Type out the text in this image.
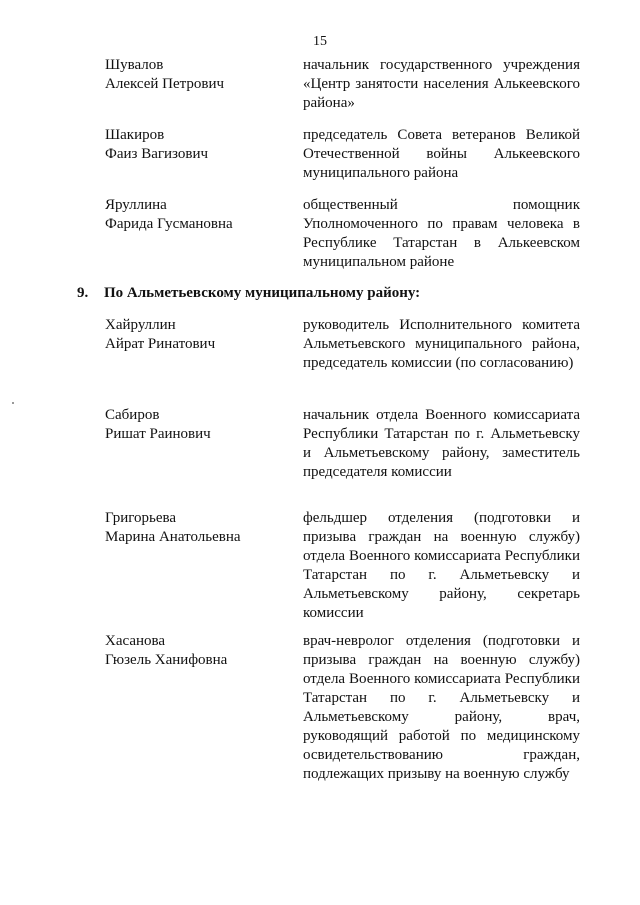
15
Шувалов
Алексей Петрович
начальник государственного учреждения «Центр занятости населения Алькеевского района»
Шакиров
Фаиз Вагизович
председатель Совета ветеранов Великой Отечественной войны Алькеевского муниципального района
Яруллина
Фарида Гусмановна
общественный помощник Уполномоченного по правам человека в Республике Татарстан в Алькеевском муниципальном районе
9. По Альметьевскому муниципальному району:
Хайруллин
Айрат Ринатович
руководитель Исполнительного комитета Альметьевского муниципального района, председатель комиссии (по согласованию)
Сабиров
Ришат Раинович
начальник отдела Военного комиссариата Республики Татарстан по г. Альметьевску и Альметьевскому району, заместитель председателя комиссии
Григорьева
Марина Анатольевна
фельдшер отделения (подготовки и призыва граждан на военную службу) отдела Военного комиссариата Республики Татарстан по г. Альметьевску и Альметьевскому району, секретарь комиссии
Хасанова
Гюзель Ханифовна
врач-невролог отделения (подготовки и призыва граждан на военную службу) отдела Военного комиссариата Республики Татарстан по г. Альметьевску и Альметьевскому району, врач, руководящий работой по медицинскому освидетельствованию граждан, подлежащих призыву на военную службу
